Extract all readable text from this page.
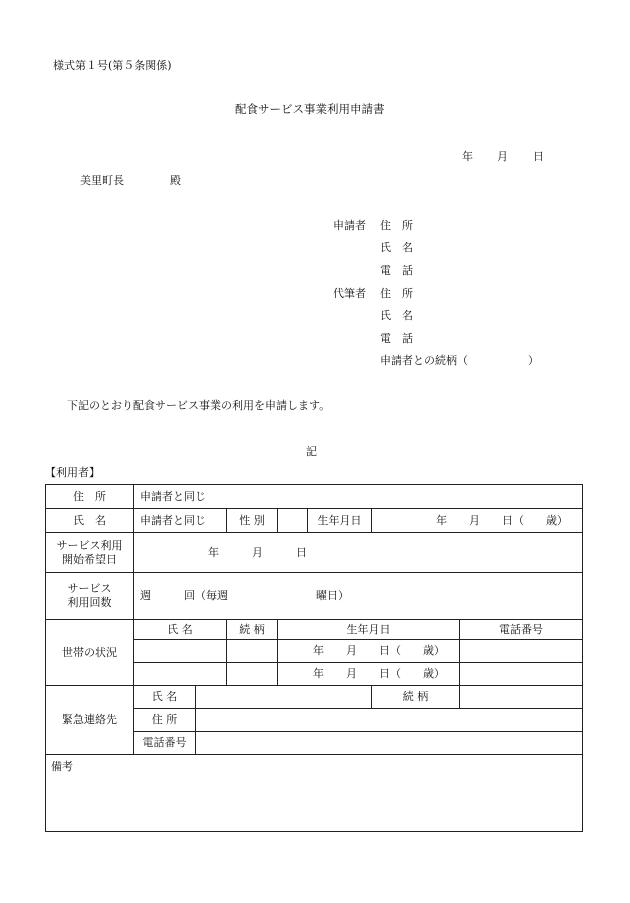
様式第１号(第５条関係)
配食サービス事業利用申請書
年 月 日
美里町長	殿
申請者 住　所
氏　名
電　話
代筆者 住　所
氏　名
電　話
申請者との続柄（	）
下記のとおり配食サービス事業の利用を申請します。
記
【利用者】
住　所	申請者と同じ						
氏　名	申請者と同じ		性 別		生年月日	年　　月　　日（　　歳）	
サービス利用
開始希望日	年　　　月　　　日						
サービス
利用回数	週　　　回（毎週　　　　　　　　曜日）						
世帯の状況	氏 名		続 柄	生年月日			電話番号
				年　　月　　日（　　歳）			
				年　　月　　日（　　歳）			
緊急連絡先	氏 名					続 柄	
	住 所						
	電話番号						
備考							
